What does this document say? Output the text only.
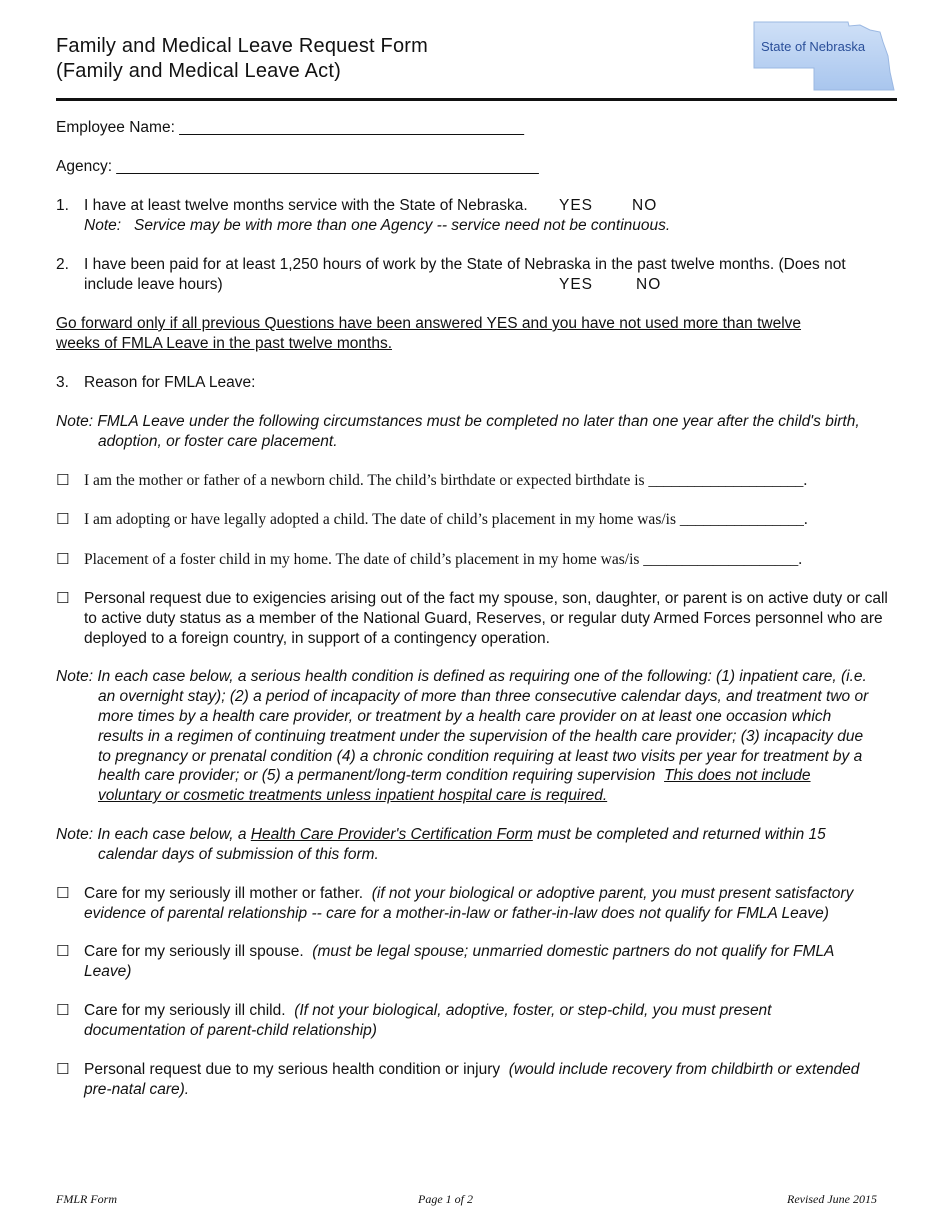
Family and Medical Leave Request Form
(Family and Medical Leave Act)
State of Nebraska
Employee Name: ________________________________________
Agency: _________________________________________________
1. I have at least twelve months service with the State of Nebraska. YES	NO
Note: Service may be with more than one Agency -- service need not be continuous.
2. I have been paid for at least 1,250 hours of work by the State of Nebraska in the past twelve months. (Does not
include leave hours)	YES	NO
Go forward only if all previous Questions have been answered YES and you have not used more than twelve
weeks of FMLA Leave in the past twelve months.
3. Reason for FMLA Leave:
Note: FMLA Leave under the following circumstances must be completed no later than one year after the child's birth,
adoption, or foster care placement.
☐ I am the mother or father of a newborn child. The child’s birthdate or expected birthdate is ____________________.
☐ I am adopting or have legally adopted a child. The date of child’s placement in my home was/is ________________.
☐ Placement of a foster child in my home. The date of child’s placement in my home was/is ____________________.
☐ Personal request due to exigencies arising out of the fact my spouse, son, daughter, or parent is on active duty or call
to active duty status as a member of the National Guard, Reserves, or regular duty Armed Forces personnel who are
deployed to a foreign country, in support of a contingency operation.
Note: In each case below, a serious health condition is defined as requiring one of the following: (1) inpatient care, (i.e.
an overnight stay); (2) a period of incapacity of more than three consecutive calendar days, and treatment two or
more times by a health care provider, or treatment by a health care provider on at least one occasion which
results in a regimen of continuing treatment under the supervision of the health care provider; (3) incapacity due
to pregnancy or prenatal condition (4) a chronic condition requiring at least two visits per year for treatment by a
health care provider; or (5) a permanent/long-term condition requiring supervision This does not include
voluntary or cosmetic treatments unless inpatient hospital care is required.
Note: In each case below, a Health Care Provider's Certification Form must be completed and returned within 15
calendar days of submission of this form.
☐ Care for my seriously ill mother or father. (if not your biological or adoptive parent, you must present satisfactory
evidence of parental relationship -- care for a mother-in-law or father-in-law does not qualify for FMLA Leave)
☐ Care for my seriously ill spouse. (must be legal spouse; unmarried domestic partners do not qualify for FMLA
Leave)
☐ Care for my seriously ill child. (If not your biological, adoptive, foster, or step-child, you must present
documentation of parent-child relationship)
☐ Personal request due to my serious health condition or injury (would include recovery from childbirth or extended
pre-natal care).
FMLR Form	Page 1 of 2	Revised June 2015
